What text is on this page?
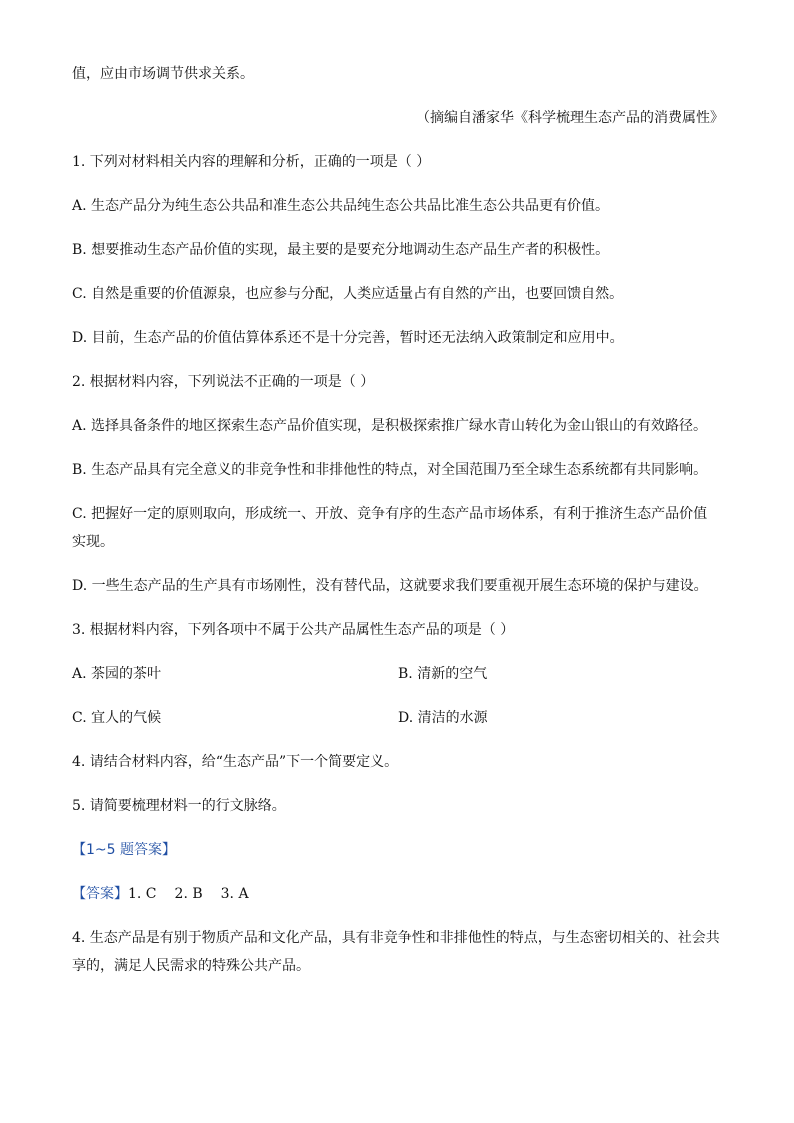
值，应由市场调节供求关系。

（摘编自潘家华《科学梳理生态产品的消费属性》

1. 下列对材料相关内容的理解和分析，正确的一项是（ ）

A. 生态产品分为纯生态公共品和准生态公共品纯生态公共品比准生态公共品更有价值。

B. 想要推动生态产品价值的实现，最主要的是要充分地调动生态产品生产者的积极性。

C. 自然是重要的价值源泉，也应参与分配，人类应适量占有自然的产出，也要回馈自然。

D. 目前，生态产品的价值估算体系还不是十分完善，暂时还无法纳入政策制定和应用中。

2. 根据材料内容，下列说法不正确的一项是（ ）

A. 选择具备条件的地区探索生态产品价值实现，是积极探索推广绿水青山转化为金山银山的有效路径。

B. 生态产品具有完全意义的非竞争性和非排他性的特点，对全国范围乃至全球生态系统都有共同影响。

C. 把握好一定的原则取向，形成统一、开放、竞争有序的生态产品市场体系，有利于推济生态产品价值
实现。

D. 一些生态产品的生产具有市场刚性，没有替代品，这就要求我们要重视开展生态环境的保护与建设。

3. 根据材料内容，下列各项中不属于公共产品属性生态产品的项是（ ）

A. 茶园的茶叶	B. 清新的空气
C. 宜人的气候	D. 清洁的水源

4. 请结合材料内容，给“生态产品”下一个简要定义。

5. 请简要梳理材料一的行文脉络。

【1~5 题答案】

【答案】1. C 2. B 3. A

4. 生态产品是有别于物质产品和文化产品，具有非竞争性和非排他性的特点，与生态密切相关的、社会共
享的，满足人民需求的特殊公共产品。
